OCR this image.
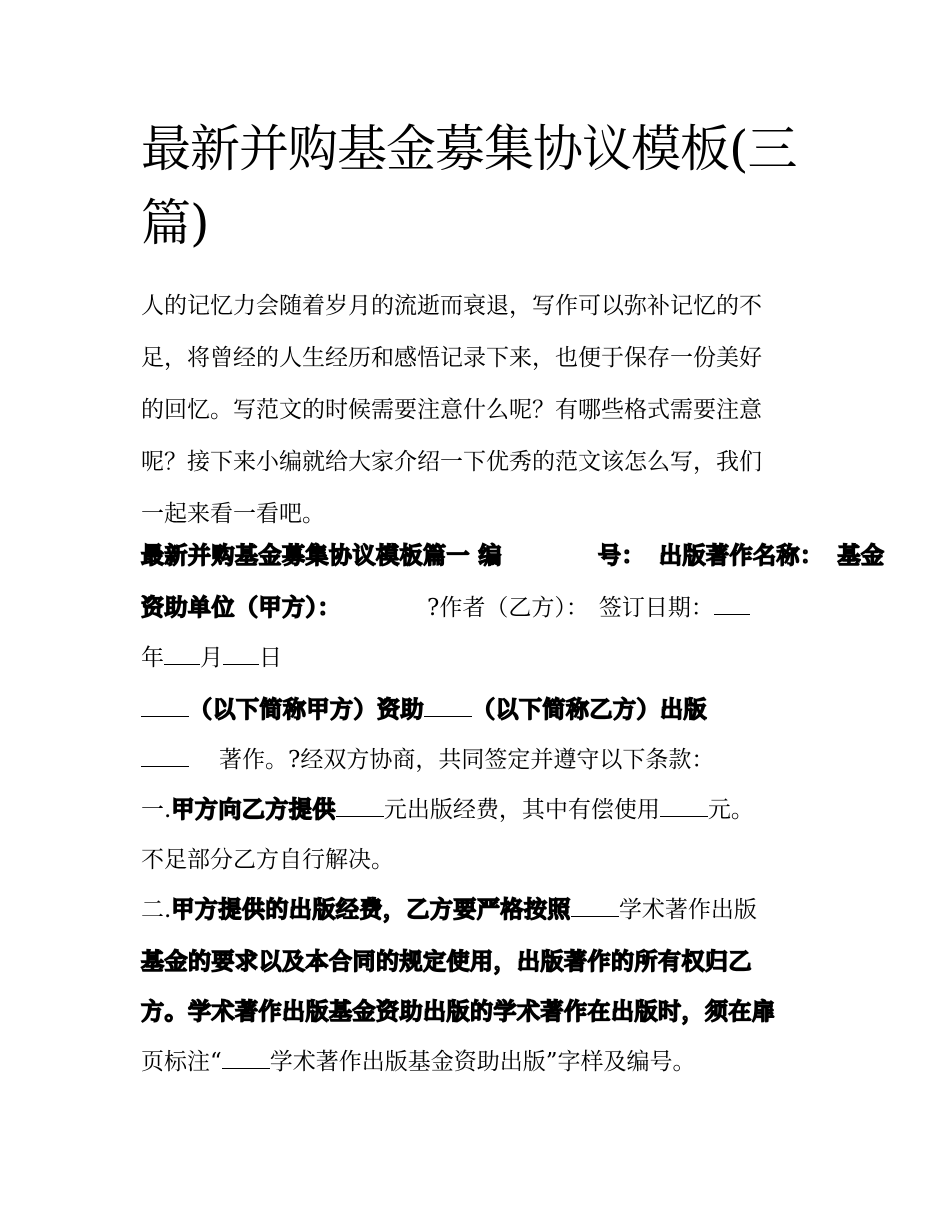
最新并购基金募集协议模板(三篇)
人的记忆力会随着岁月的流逝而衰退，写作可以弥补记忆的不
足，将曾经的人生经历和感悟记录下来，也便于保存一份美好
的回忆。写范文的时候需要注意什么呢？有哪些格式需要注意
呢？接下来小编就给大家介绍一下优秀的范文该怎么写，我们
一起来看一看吧。
最新并购基金募集协议模板篇一 编	号： 出版著作名称： 基金
资助单位（甲方）：	?作者（乙方）： 签订日期：
年 月 日
（以下简称甲方）资助 （以下简称乙方）出版
著作。?经双方协商，共同签定并遵守以下条款：
一.甲方向乙方提供 元出版经费，其中有偿使用 元。
不足部分乙方自行解决。
二.甲方提供的出版经费，乙方要严格按照 学术著作出版
基金的要求以及本合同的规定使用，出版著作的所有权归乙
方。学术著作出版基金资助出版的学术著作在出版时，须在扉
页标注“ 学术著作出版基金资助出版”字样及编号。
